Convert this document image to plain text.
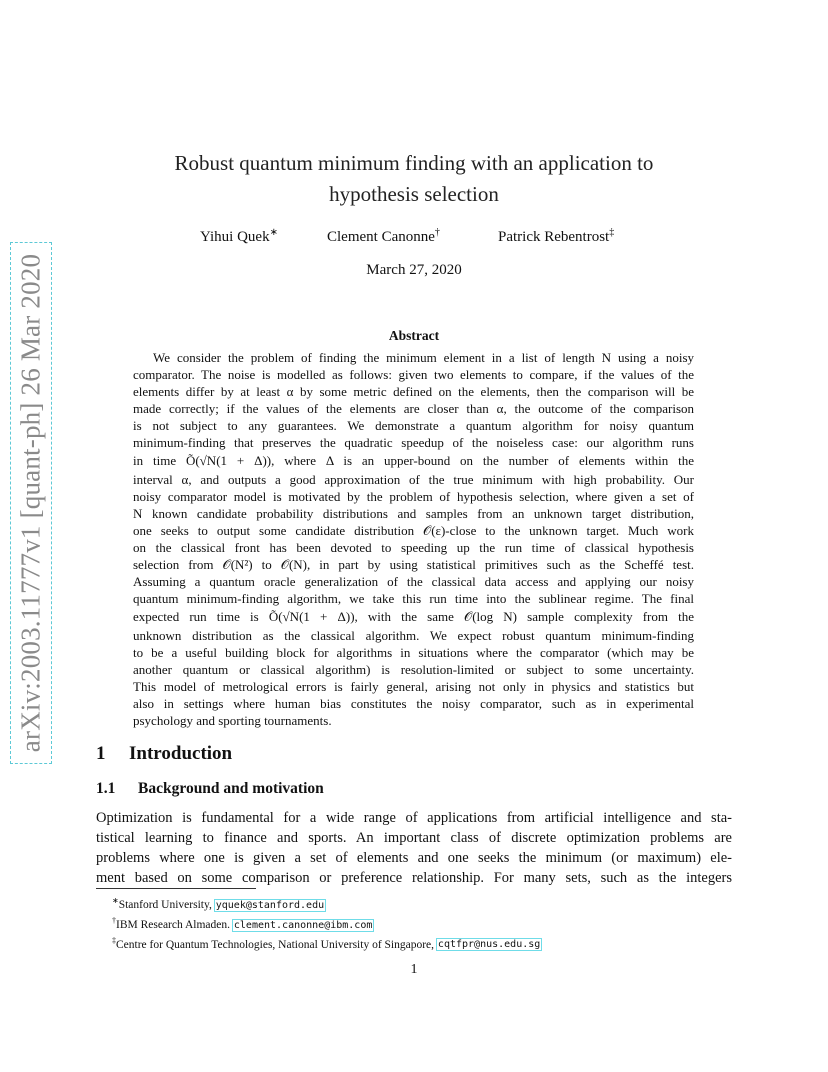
arXiv:2003.11777v1 [quant-ph] 26 Mar 2020
Robust quantum minimum finding with an application to
hypothesis selection
Yihui Quek∗	Clement Canonne†	Patrick Rebentrost‡
March 27, 2020
Abstract
We consider the problem of finding the minimum element in a list of length N using a noisy
comparator. The noise is modelled as follows: given two elements to compare, if the values of the
elements differ by at least α by some metric defined on the elements, then the comparison will be
made correctly; if the values of the elements are closer than α, the outcome of the comparison
is not subject to any guarantees. We demonstrate a quantum algorithm for noisy quantum
minimum-finding that preserves the quadratic speedup of the noiseless case: our algorithm runs
in time Õ(√N(1 + Δ)), where Δ is an upper-bound on the number of elements within the
interval α, and outputs a good approximation of the true minimum with high probability. Our
noisy comparator model is motivated by the problem of hypothesis selection, where given a set of
N known candidate probability distributions and samples from an unknown target distribution,
one seeks to output some candidate distribution 𝒪(ε)-close to the unknown target. Much work
on the classical front has been devoted to speeding up the run time of classical hypothesis
selection from 𝒪(N²) to 𝒪(N), in part by using statistical primitives such as the Scheffé test.
Assuming a quantum oracle generalization of the classical data access and applying our noisy
quantum minimum-finding algorithm, we take this run time into the sublinear regime. The final
expected run time is Õ(√N(1 + Δ)), with the same 𝒪(log N) sample complexity from the
unknown distribution as the classical algorithm. We expect robust quantum minimum-finding
to be a useful building block for algorithms in situations where the comparator (which may be
another quantum or classical algorithm) is resolution-limited or subject to some uncertainty.
This model of metrological errors is fairly general, arising not only in physics and statistics but
also in settings where human bias constitutes the noisy comparator, such as in experimental
psychology and sporting tournaments.
1 Introduction
1.1 Background and motivation
Optimization is fundamental for a wide range of applications from artificial intelligence and sta-
tistical learning to finance and sports. An important class of discrete optimization problems are
problems where one is given a set of elements and one seeks the minimum (or maximum) ele-
ment based on some comparison or preference relationship. For many sets, such as the integers
∗Stanford University, yquek@stanford.edu
†IBM Research Almaden. clement.canonne@ibm.com
‡Centre for Quantum Technologies, National University of Singapore, cqtfpr@nus.edu.sg
1
